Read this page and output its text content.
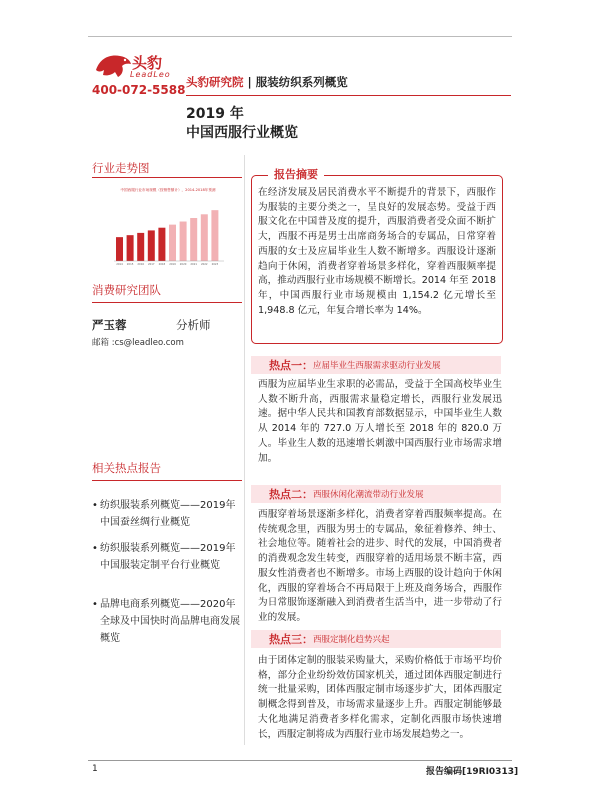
头豹
LeadLeo
400-072-5588
头豹研究院 | 服装纺织系列概览
2019 年
中国西服行业概览
行业走势图
中国西服行业市场规模（按销售额计），2014-2018年预测
2014 2015 2016 2017 2018 2019 2020 2021 2022 2023
消费研究团队
严玉蓉	分析师
邮箱 :cs@leadleo.com
相关热点报告
• 纺织服装系列概览——2019年中国蚕丝绸行业概览
• 纺织服装系列概览——2019年中国服装定制平台行业概览
• 品牌电商系列概览——2020年全球及中国快时尚品牌电商发展概览
报告摘要
在经济发展及居民消费水平不断提升的背景下，西服作为服装的主要分类之一，呈良好的发展态势。受益于西服文化在中国普及度的提升，西服消费者受众面不断扩大，西服不再是男士出席商务场合的专属品，日常穿着西服的女士及应届毕业生人数不断增多。西服设计逐渐趋向于休闲，消费者穿着场景多样化，穿着西服频率提高，推动西服行业市场规模不断增长。2014 年至 2018 年，中国西服行业市场规模由 1,154.2 亿元增长至 1,948.8 亿元，年复合增长率为 14%。
热点一： 应届毕业生西服需求驱动行业发展
西服为应届毕业生求职的必需品，受益于全国高校毕业生人数不断升高，西服需求量稳定增长，西服行业发展迅速。据中华人民共和国教育部数据显示，中国毕业生人数从 2014 年的 727.0 万人增长至 2018 年的 820.0 万人。毕业生人数的迅速增长刺激中国西服行业市场需求增加。
热点二： 西服休闲化潮流带动行业发展
西服穿着场景逐渐多样化，消费者穿着西服频率提高。在传统观念里，西服为男士的专属品，象征着修养、绅士、社会地位等。随着社会的进步、时代的发展，中国消费者的消费观念发生转变，西服穿着的适用场景不断丰富，西服女性消费者也不断增多。市场上西服的设计趋向于休闲化，西服的穿着场合不再局限于上班及商务场合，西服作为日常服饰逐渐融入到消费者生活当中，进一步带动了行业的发展。
热点三： 西服定制化趋势兴起
由于团体定制的服装采购量大，采购价格低于市场平均价格，部分企业纷纷效仿国家机关，通过团体西服定制进行统一批量采购，团体西服定制市场逐步扩大，团体西服定制概念得到普及，市场需求量逐步上升。西服定制能够最大化地满足消费者多样化需求，定制化西服市场快速增长，西服定制将成为西服行业市场发展趋势之一。
1	报告编码[19RI0313]
